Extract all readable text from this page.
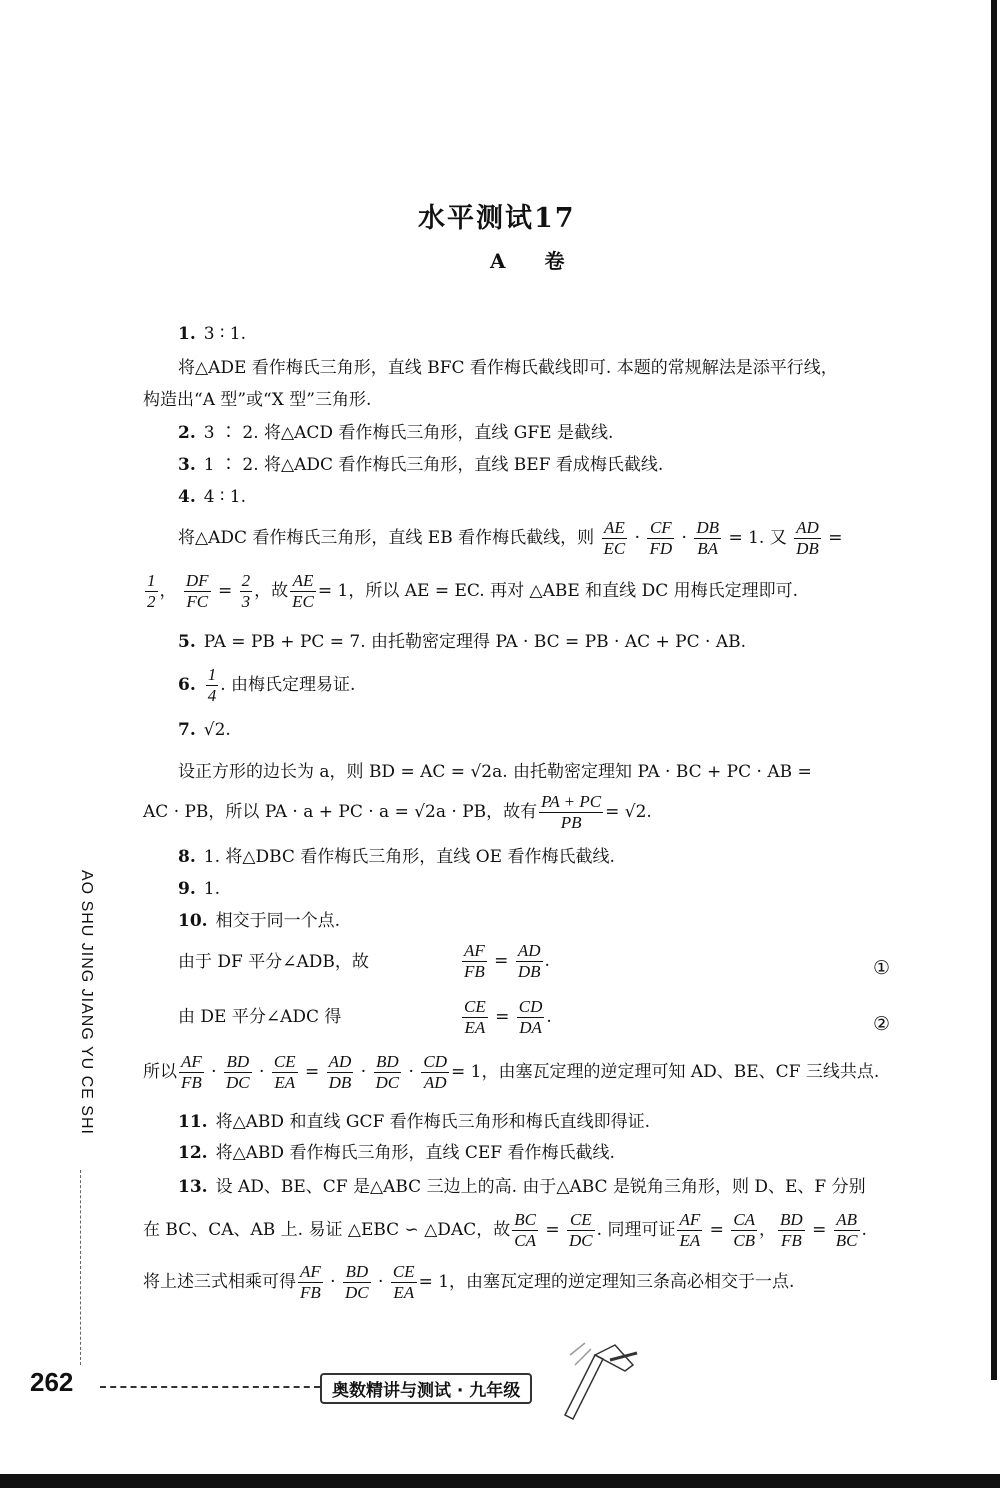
水平测试17
A 卷
1. 3 ∶ 1.
将△ADE 看作梅氏三角形，直线 BFC 看作梅氏截线即可. 本题的常规解法是添平行线，
构造出“A 型”或“X 型”三角形.
2. 3 ∶ 2. 将△ACD 看作梅氏三角形，直线 GFE 是截线.
3. 1 ∶ 2. 将△ADC 看作梅氏三角形，直线 BEF 看成梅氏截线.
4. 4 ∶ 1.
将△ADC 看作梅氏三角形，直线 EB 看作梅氏截线，则 $\frac{AE}{EC} \cdot \frac{CF}{FD} \cdot \frac{DB}{BA} = 1$. 又 $\frac{AD}{DB}$ =
$\frac{1}{2}$ ， $\frac{DF}{FC} = \frac{2}{3}$ ，故 $\frac{AE}{EC} = 1$，所以 AE = EC. 再对 △ABE 和直线 DC 用梅氏定理即可.
5. PA = PB + PC = 7. 由托勒密定理得 PA · BC = PB · AC + PC · AB.
6. $\frac{1}{4}$ . 由梅氏定理易证.
7. √2.
设正方形的边长为 a，则 BD = AC = √2a. 由托勒密定理知 PA · BC + PC · AB =
AC · PB，所以 PA · a + PC · a = √2a · PB，故有 $\frac{PA + PC}{PB} = √2$.
8. 1. 将△DBC 看作梅氏三角形，直线 OE 看作梅氏截线.
9. 1.
10. 相交于同一个点.
由于 DF 平分∠ADB，故	$\frac{AF}{FB} = \frac{AD}{DB}$ .	①
由 DE 平分∠ADC 得	$\frac{CE}{EA} = \frac{CD}{DA}$ .	②
所以 $\frac{AF}{FB} \cdot \frac{BD}{DC} \cdot \frac{CE}{EA} = \frac{AD}{DB} \cdot \frac{BD}{DC} \cdot \frac{CD}{AD} = 1$，由塞瓦定理的逆定理可知 AD、BE、CF 三线共点.
11. 将△ABD 和直线 GCF 看作梅氏三角形和梅氏直线即得证.
12. 将△ABD 看作梅氏三角形，直线 CEF 看作梅氏截线.
13. 设 AD、BE、CF 是△ABC 三边上的高. 由于△ABC 是锐角三角形，则 D、E、F 分别
在 BC、CA、AB 上. 易证 △EBC ∽ △DAC，故 $\frac{BC}{CA} = \frac{CE}{DC}$ . 同理可证 $\frac{AF}{EA} = \frac{CA}{CB}$ ， $\frac{BD}{FB} = \frac{AB}{BC}$ .
将上述三式相乘可得 $\frac{AF}{FB} \cdot \frac{BD}{DC} \cdot \frac{CE}{EA} = 1$，由塞瓦定理的逆定理知三条高必相交于一点.
AO SHU JING JIANG YU CE SHI
262	奥数精讲与测试 · 九年级
